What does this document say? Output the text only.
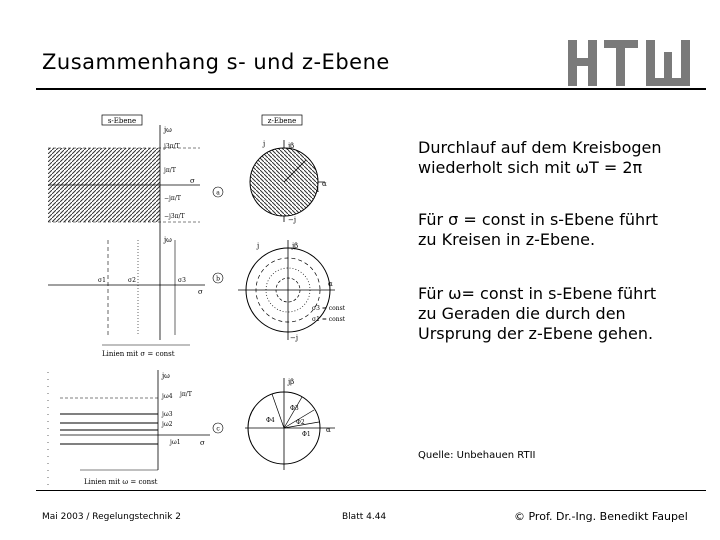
Zusammenhang s- und z-Ebene
s-Ebene	z-Ebene
jω
j3π/T
jπ/T
σ
−jπ/T
−j3π/T
a
j	jβ
α
1
−j
jω
σ1	σ2	σ3
σ
Linien mit σ = const
b
j	jβ
α
σ3 = const
σ1 = const
−j
jω
jω4 jπ/T
jω3
jω2
jω1	σ
Linien mit ω = const
c
jβ
α
Φ4
Φ3
Φ2
Φ1
Durchlauf auf dem Kreisbogen
wiederholt sich mit ωT = 2π
Für σ = const in s-Ebene führt
zu Kreisen in z-Ebene.
Für ω= const in s-Ebene führt
zu Geraden die durch den
Ursprung der z-Ebene gehen.
Quelle: Unbehauen RTII
Mai 2003 / Regelungstechnik 2	Blatt 4.44	© Prof. Dr.-Ing. Benedikt Faupel
